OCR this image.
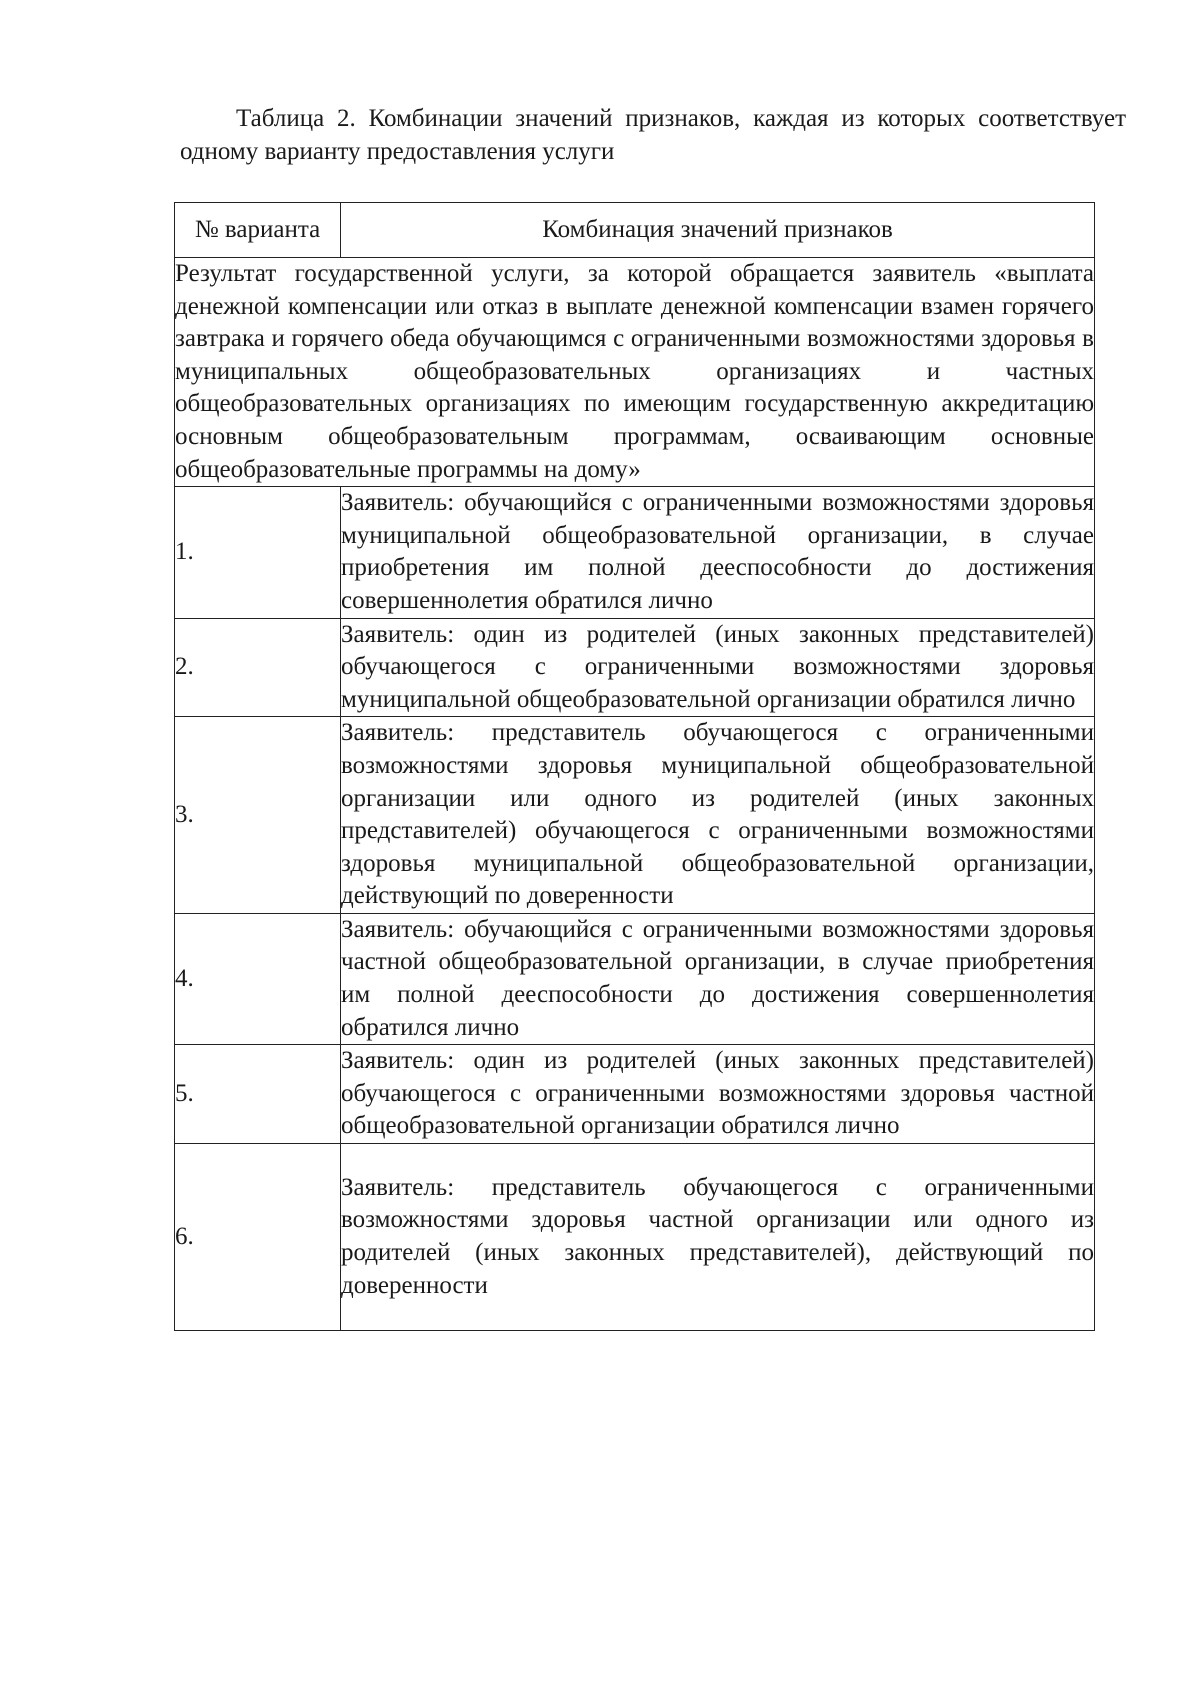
Таблица 2. Комбинации значений признаков, каждая из которых соответствует одному варианту предоставления услуги
№ варианта	Комбинация значений признаков
Результат государственной услуги, за которой обращается заявитель «выплата денежной компенсации или отказ в выплате денежной компенсации взамен горячего завтрака и горячего обеда обучающимся с ограниченными возможностями здоровья в муниципальных общеобразовательных организациях и частных общеобразовательных организациях по имеющим государственную аккредитацию основным общеобразовательным программам, осваивающим основные общеобразовательные программы на дому»	
1.	Заявитель: обучающийся с ограниченными возможностями здоровья муниципальной общеобразовательной организации, в случае приобретения им полной дееспособности до достижения совершеннолетия обратился лично
2.	Заявитель: один из родителей (иных законных представителей) обучающегося с ограниченными возможностями здоровья муниципальной общеобразовательной организации обратился лично
3.	Заявитель: представитель обучающегося с ограниченными возможностями здоровья муниципальной общеобразовательной организации или одного из родителей (иных законных представителей) обучающегося с ограниченными возможностями здоровья муниципальной общеобразовательной организации, действующий по доверенности
4.	Заявитель: обучающийся с ограниченными возможностями здоровья частной общеобразовательной организации, в случае приобретения им полной дееспособности до достижения совершеннолетия обратился лично
5.	Заявитель: один из родителей (иных законных представителей) обучающегося с ограниченными возможностями здоровья частной общеобразовательной организации обратился лично
6.	Заявитель: представитель обучающегося с ограниченными возможностями здоровья частной организации или одного из родителей (иных законных представителей), действующий по доверенности
